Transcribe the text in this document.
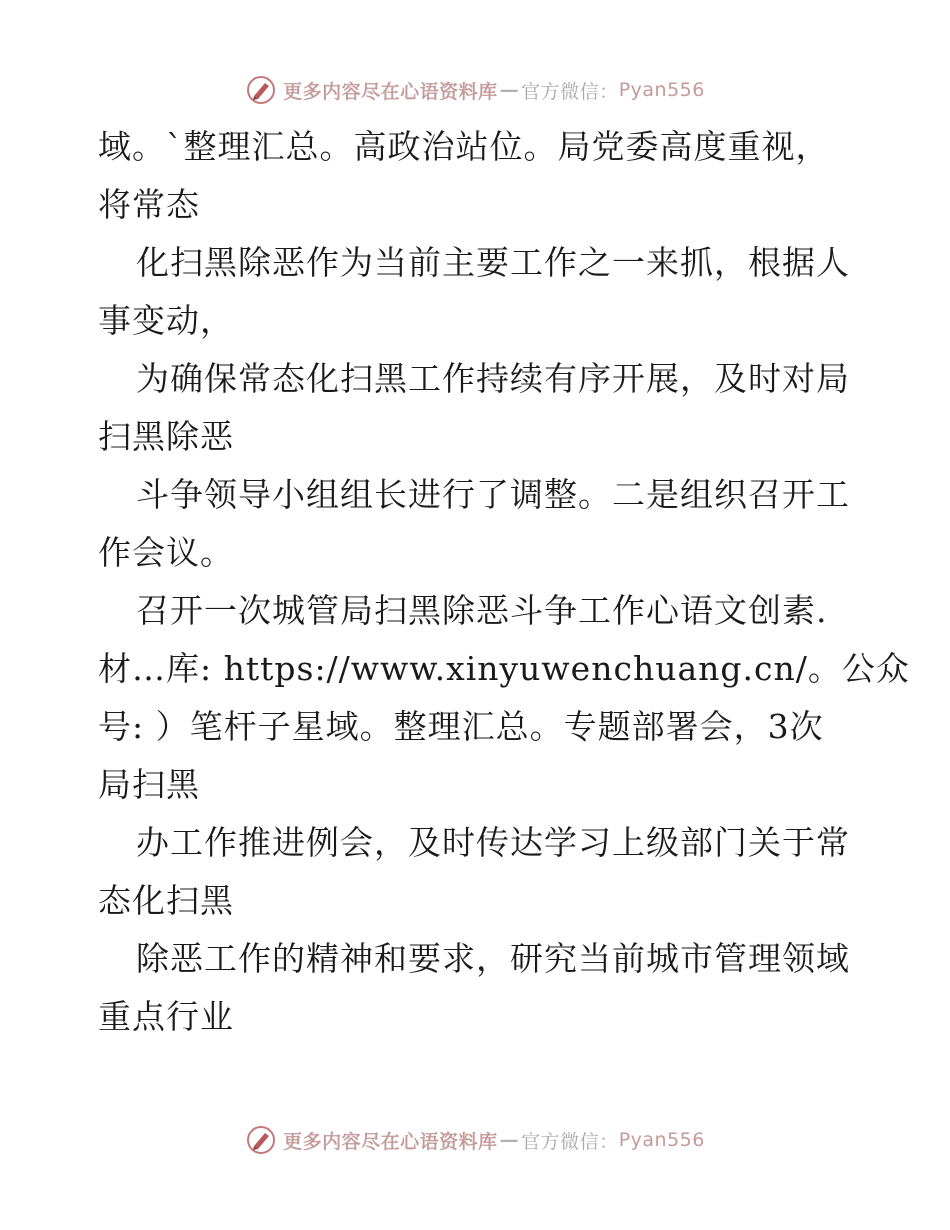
更多内容尽在心语资料库 — 官方微信： Pyan556
域。`整理汇总。高政治站位。局党委高度重视，
将常态
化扫黑除恶作为当前主要工作之一来抓，根据人
事变动，
为确保常态化扫黑工作持续有序开展，及时对局
扫黑除恶
斗争领导小组组长进行了调整。二是组织召开工
作会议。
召开一次城管局扫黑除恶斗争工作心语文创素.
材…库: https://www.xinyuwenchuang.cn/。公众
号: ）笔杆子星域。整理汇总。专题部署会，3次
局扫黑
办工作推进例会，及时传达学习上级部门关于常
态化扫黑
除恶工作的精神和要求，研究当前城市管理领域
重点行业
更多内容尽在心语资料库 — 官方微信： Pyan556
